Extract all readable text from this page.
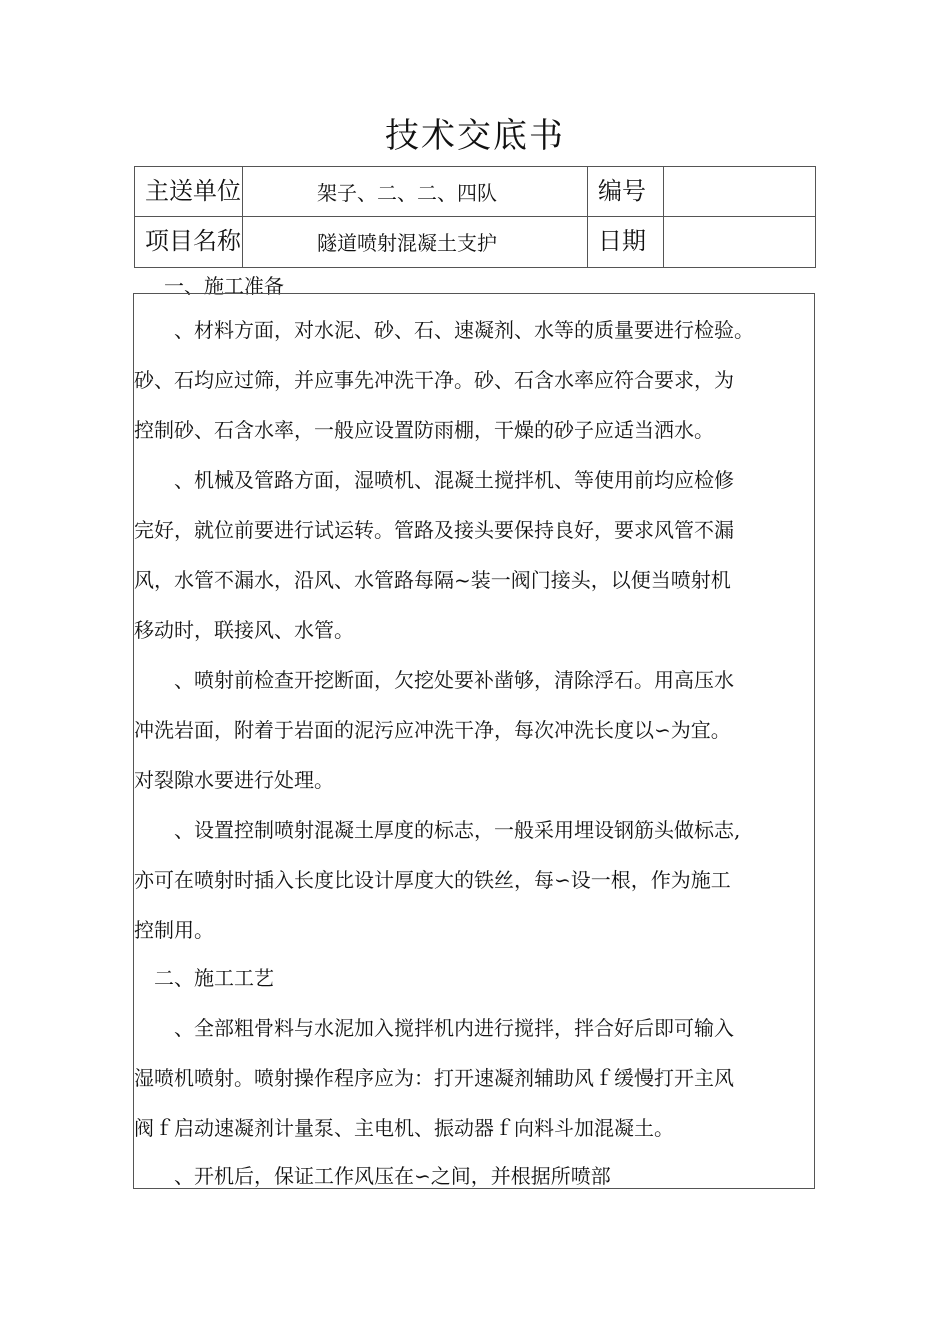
技术交底书
主送单位	架子、二、二、四队	编号	
项目名称	隧道喷射混凝土支护	日期	
一、施工准备
　　、材料方面，对水泥、砂、石、速凝剂、水等的质量要进行检验。
砂、石均应过筛，并应事先冲洗干净。砂、石含水率应符合要求，为
控制砂、石含水率，一般应设置防雨棚，干燥的砂子应适当洒水。
　　、机械及管路方面，湿喷机、混凝土搅拌机、等使用前均应检修
完好，就位前要进行试运转。管路及接头要保持良好，要求风管不漏
风，水管不漏水，沿风、水管路每隔~装一阀门接头，以便当喷射机
移动时，联接风、水管。
　　、喷射前检查开挖断面，欠挖处要补凿够，清除浮石。用高压水
冲洗岩面，附着于岩面的泥污应冲洗干净，每次冲洗长度以∽为宜。
对裂隙水要进行处理。
　　、设置控制喷射混凝土厚度的标志，一般采用埋设钢筋头做标志,
亦可在喷射时插入长度比设计厚度大的铁丝，每∽设一根，作为施工
控制用。
　二、施工工艺
　　、全部粗骨料与水泥加入搅拌机内进行搅拌，拌合好后即可输入
湿喷机喷射。喷射操作程序应为：打开速凝剂辅助风ｆ缓慢打开主风
阀ｆ启动速凝剂计量泵、主电机、振动器ｆ向料斗加混凝土。
　　、开机后，保证工作风压在∽之间，并根据所喷部
